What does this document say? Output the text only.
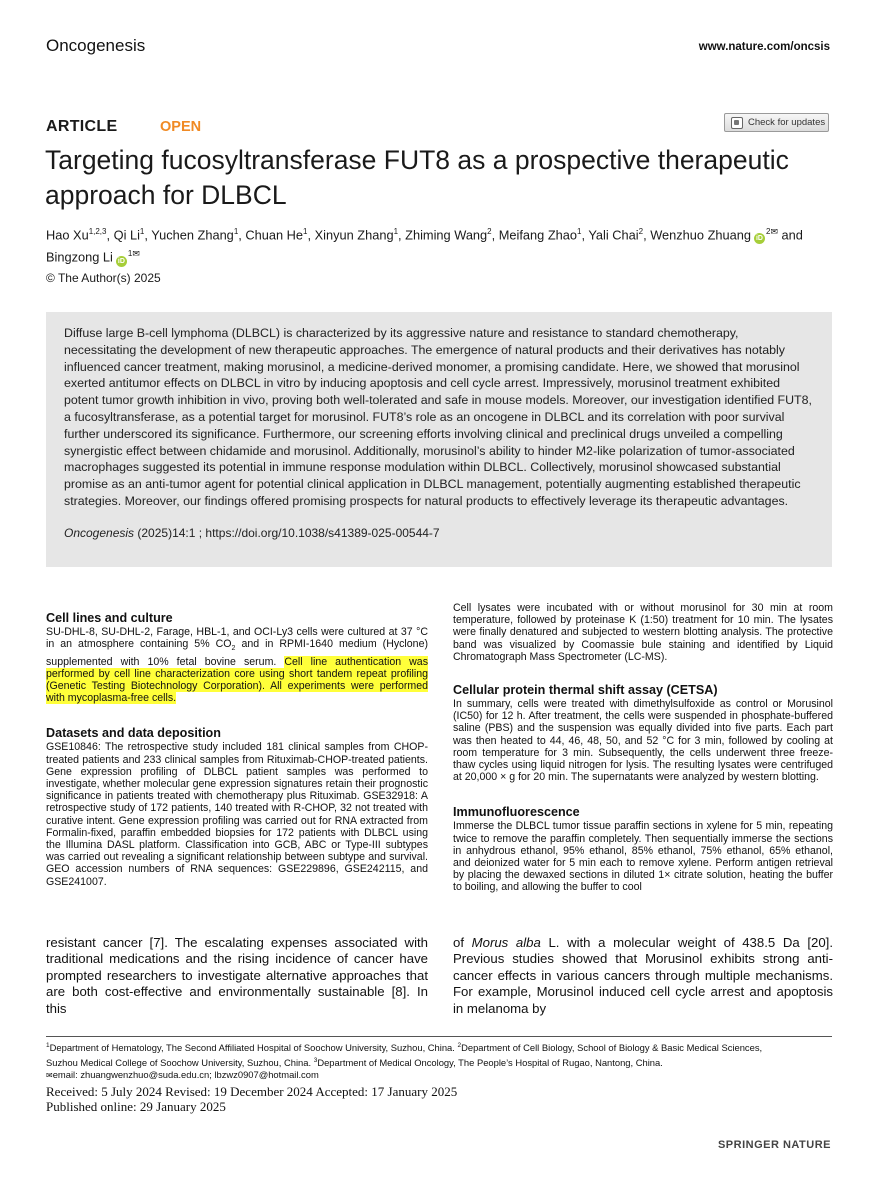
Oncogenesis	www.nature.com/oncsis
ARTICLE	OPEN	Check for updates
Targeting fucosyltransferase FUT8 as a prospective therapeutic
approach for DLBCL
Hao Xu$^{1,2,3}$, Qi Li$^1$, Yuchen Zhang$^1$, Chuan He$^1$, Xinyun Zhang$^1$, Zhiming Wang$^2$, Meifang Zhao$^1$, Yali Chai$^2$, Wenzhuo Zhuang $iD^{2✉}$ and
Bingzong Li $iD^{1✉}$
© The Author(s) 2025

Diffuse large B-cell lymphoma (DLBCL) is characterized by its aggressive nature and resistance to standard chemotherapy, necessitating the development of new therapeutic approaches. The emergence of natural products and their derivatives has notably influenced cancer treatment, making morusinol, a medicine-derived monomer, a promising candidate. Here, we showed that morusinol exerted antitumor effects on DLBCL in vitro by inducing apoptosis and cell cycle arrest. Impressively, morusinol treatment exhibited potent tumor growth inhibition in vivo, proving both well-tolerated and safe in mouse models. Moreover, our investigation identified FUT8, a fucosyltransferase, as a potential target for morusinol. FUT8’s role as an oncogene in DLBCL and its correlation with poor survival further underscored its significance. Furthermore, our screening efforts involving clinical and preclinical drugs unveiled a compelling synergistic effect between chidamide and morusinol. Additionally, morusinol’s ability to hinder M2-like polarization of tumor-associated macrophages suggested its potential in immune response modulation within DLBCL. Collectively, morusinol showcased substantial promise as an anti-tumor agent for potential clinical application in DLBCL management, potentially augmenting established therapeutic strategies. Moreover, our findings offered promising prospects for natural products to effectively leverage its therapeutic advantages.

Oncogenesis (2025)14:1 ; https://doi.org/10.1038/s41389-025-00544-7

Cell lines and culture

SU-DHL-8, SU-DHL-2, Farage, HBL-1, and OCI-Ly3 cells were cultured at 37 °C in an atmosphere containing 5% $CO_2$ and in RPMI-1640 medium (Hyclone) supplemented with 10% fetal bovine serum. Cell line authentication was performed by cell line characterization core using short tandem repeat profiling (Genetic Testing Biotechnology Corporation). All experiments were performed with mycoplasma-free cells.

Datasets and data deposition

GSE10846: The retrospective study included 181 clinical samples from CHOP-treated patients and 233 clinical samples from Rituximab-CHOP-treated patients. Gene expression profiling of DLBCL patient samples was performed to investigate, whether molecular gene expression signatures retain their prognostic significance in patients treated with chemotherapy plus Rituximab. GSE32918: A retrospective study of 172 patients, 140 treated with R-CHOP, 32 not treated with curative intent. Gene expression profiling was carried out for RNA extracted from Formalin-fixed, paraffin embedded biopsies for 172 patients with DLBCL using the Illumina DASL platform. Classification into GCB, ABC or Type-III subtypes was carried out revealing a significant relationship between subtype and survival. GEO accession numbers of RNA sequences: GSE229896, GSE242115, and GSE241007.

Cell lysates were incubated with or without morusinol for 30 min at room temperature, followed by proteinase K (1:50) treatment for 10 min. The lysates were finally denatured and subjected to western blotting analysis. The protective band was visualized by Coomassie bule staining and identified by Liquid Chromatograph Mass Spectrometer (LC-MS).

Cellular protein thermal shift assay (CETSA)

In summary, cells were treated with dimethylsulfoxide as control or Morusinol (IC50) for 12 h. After treatment, the cells were suspended in phosphate-buffered saline (PBS) and the suspension was equally divided into five parts. Each part was then heated to 44, 46, 48, 50, and 52 °C for 3 min, followed by cooling at room temperature for 3 min. Subsequently, the cells underwent three freeze-thaw cycles using liquid nitrogen for lysis. The resulting lysates were centrifuged at 20,000 × g for 20 min. The supernatants were analyzed by western blotting.

Immunofluorescence

Immerse the DLBCL tumor tissue paraffin sections in xylene for 5 min, repeating twice to remove the paraffin completely. Then sequentially immerse the sections in anhydrous ethanol, 95% ethanol, 85% ethanol, 75% ethanol, 65% ethanol, and deionized water for 5 min each to remove xylene. Perform antigen retrieval by placing the dewaxed sections in diluted 1× citrate solution, heating the buffer to boiling, and allowing the buffer to cool

resistant cancer [7]. The escalating expenses associated with traditional medications and the rising incidence of cancer have prompted researchers to investigate alternative approaches that are both cost-effective and environmentally sustainable [8]. In this
of Morus alba L. with a molecular weight of 438.5 Da [20]. Previous studies showed that Morusinol exhibits strong anti-cancer effects in various cancers through multiple mechanisms. For example, Morusinol induced cell cycle arrest and apoptosis in melanoma by
$^1$Department of Hematology, The Second Affiliated Hospital of Soochow University, Suzhou, China. $^2$Department of Cell Biology, School of Biology & Basic Medical Sciences,
Suzhou Medical College of Soochow University, Suzhou, China. $^3$Department of Medical Oncology, The People’s Hospital of Rugao, Nantong, China.
✉email: zhuangwenzhuo@suda.edu.cn; lbzwz0907@hotmail.com
Received: 5 July 2024 Revised: 19 December 2024 Accepted: 17 January 2025
Published online: 29 January 2025
SPRINGER NATURE
